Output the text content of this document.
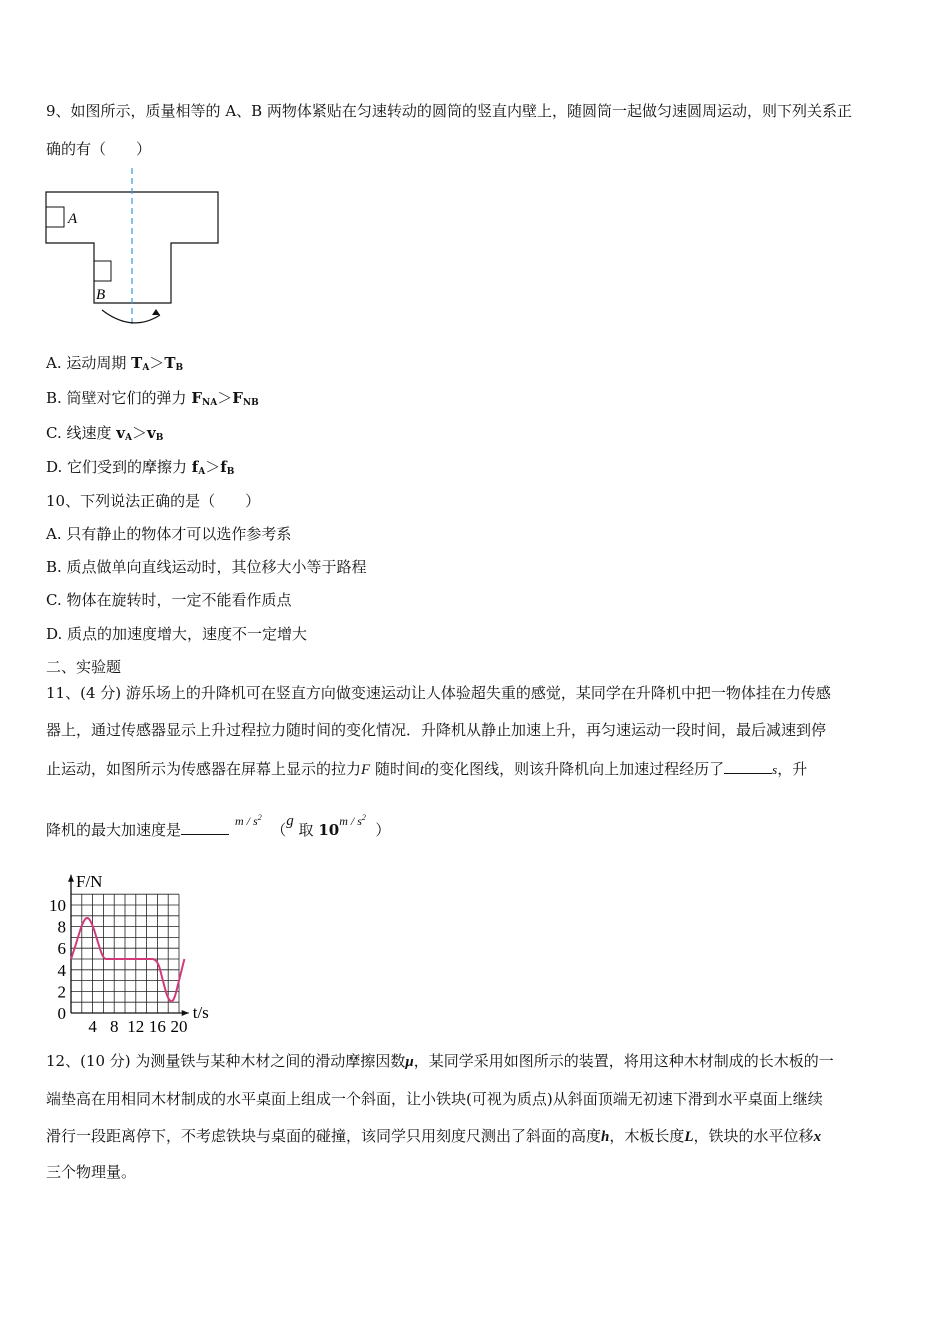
9、如图所示，质量相等的 A、B 两物体紧贴在匀速转动的圆筒的竖直内壁上，随圆筒一起做匀速圆周运动，则下列关系正
确的有（　　）
A
B
A. 运动周期 $T_A>T_B$
B. 筒壁对它们的弹力 $F_{NA}>F_{NB}$
C. 线速度 $v_A>v_B$
D. 它们受到的摩擦力 $f_A>f_B$
10、下列说法正确的是（　　）
A. 只有静止的物体才可以选作参考系
B. 质点做单向直线运动时，其位移大小等于路程
C. 物体在旋转时，一定不能看作质点
D. 质点的加速度增大，速度不一定增大
二、实验题
11、(4 分) 游乐场上的升降机可在竖直方向做变速运动让人体验超失重的感觉，某同学在升降机中把一物体挂在力传感
器上，通过传感器显示上升过程拉力随时间的变化情况．升降机从静止加速上升，再匀速运动一段时间，最后减速到停
止运动，如图所示为传感器在屏幕上显示的拉力F 随时间t的变化图线，则该升降机向上加速过程经历了	s，升
降机的最大加速度是	$^{m / s^2}$  （g 取 $10^{m / s^2}$  ）
F/N
t/s
0
2
4
6
8
10
4 8 12 16 20
12、(10 分) 为测量铁与某种木材之间的滑动摩擦因数μ，某同学采用如图所示的装置，将用这种木材制成的长木板的一
端垫高在用相同木材制成的水平桌面上组成一个斜面，让小铁块(可视为质点)从斜面顶端无初速下滑到水平桌面上继续
滑行一段距离停下，不考虑铁块与桌面的碰撞，该同学只用刻度尺测出了斜面的高度h，木板长度L，铁块的水平位移x
三个物理量。
